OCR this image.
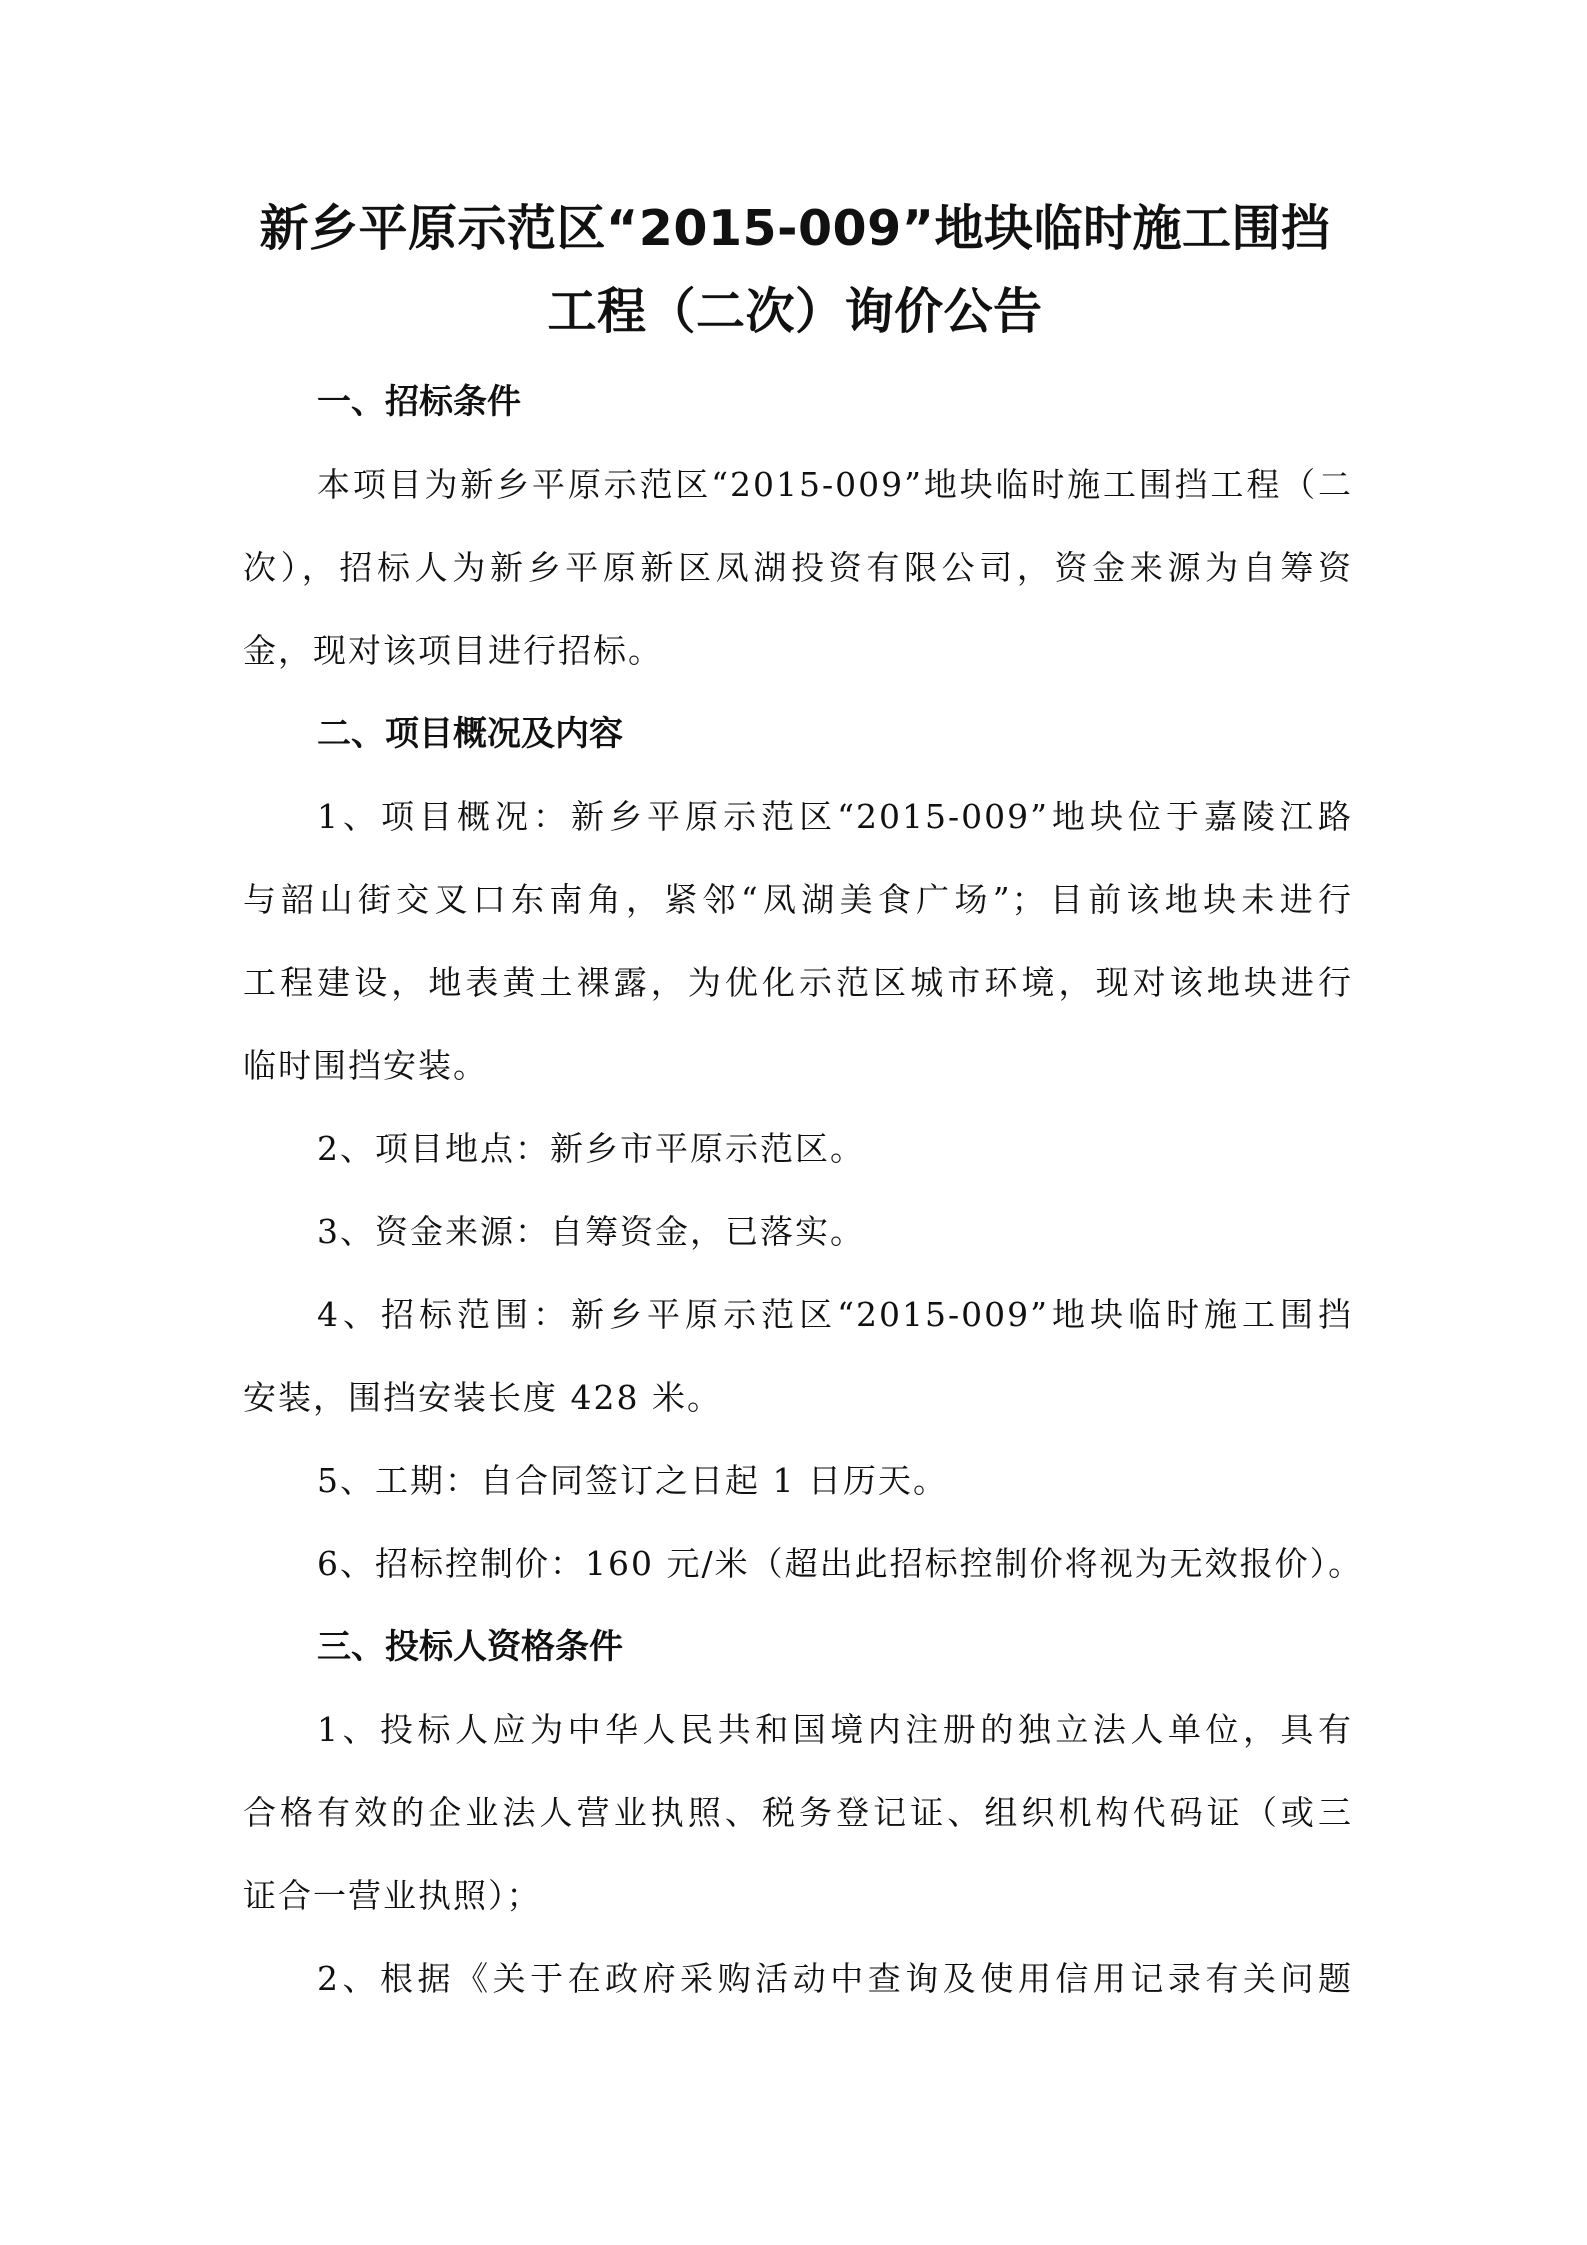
新乡平原示范区“2015-009”地块临时施工围挡
工程（二次）询价公告
一、招标条件
本项目为新乡平原示范区“2015-009”地块临时施工围挡工程（二
次），招标人为新乡平原新区凤湖投资有限公司，资金来源为自筹资
金，现对该项目进行招标。
二、项目概况及内容
1、项目概况：新乡平原示范区“2015-009”地块位于嘉陵江路
与韶山街交叉口东南角，紧邻“凤湖美食广场”；目前该地块未进行
工程建设，地表黄土裸露，为优化示范区城市环境，现对该地块进行
临时围挡安装。
2、项目地点：新乡市平原示范区。
3、资金来源：自筹资金，已落实。
4、招标范围：新乡平原示范区“2015-009”地块临时施工围挡
安装，围挡安装长度 428 米。
5、工期：自合同签订之日起 1 日历天。
6、招标控制价：160 元/米（超出此招标控制价将视为无效报价）。
三、投标人资格条件
1、投标人应为中华人民共和国境内注册的独立法人单位，具有
合格有效的企业法人营业执照、税务登记证、组织机构代码证（或三
证合一营业执照）；
2、根据《关于在政府采购活动中查询及使用信用记录有关问题
